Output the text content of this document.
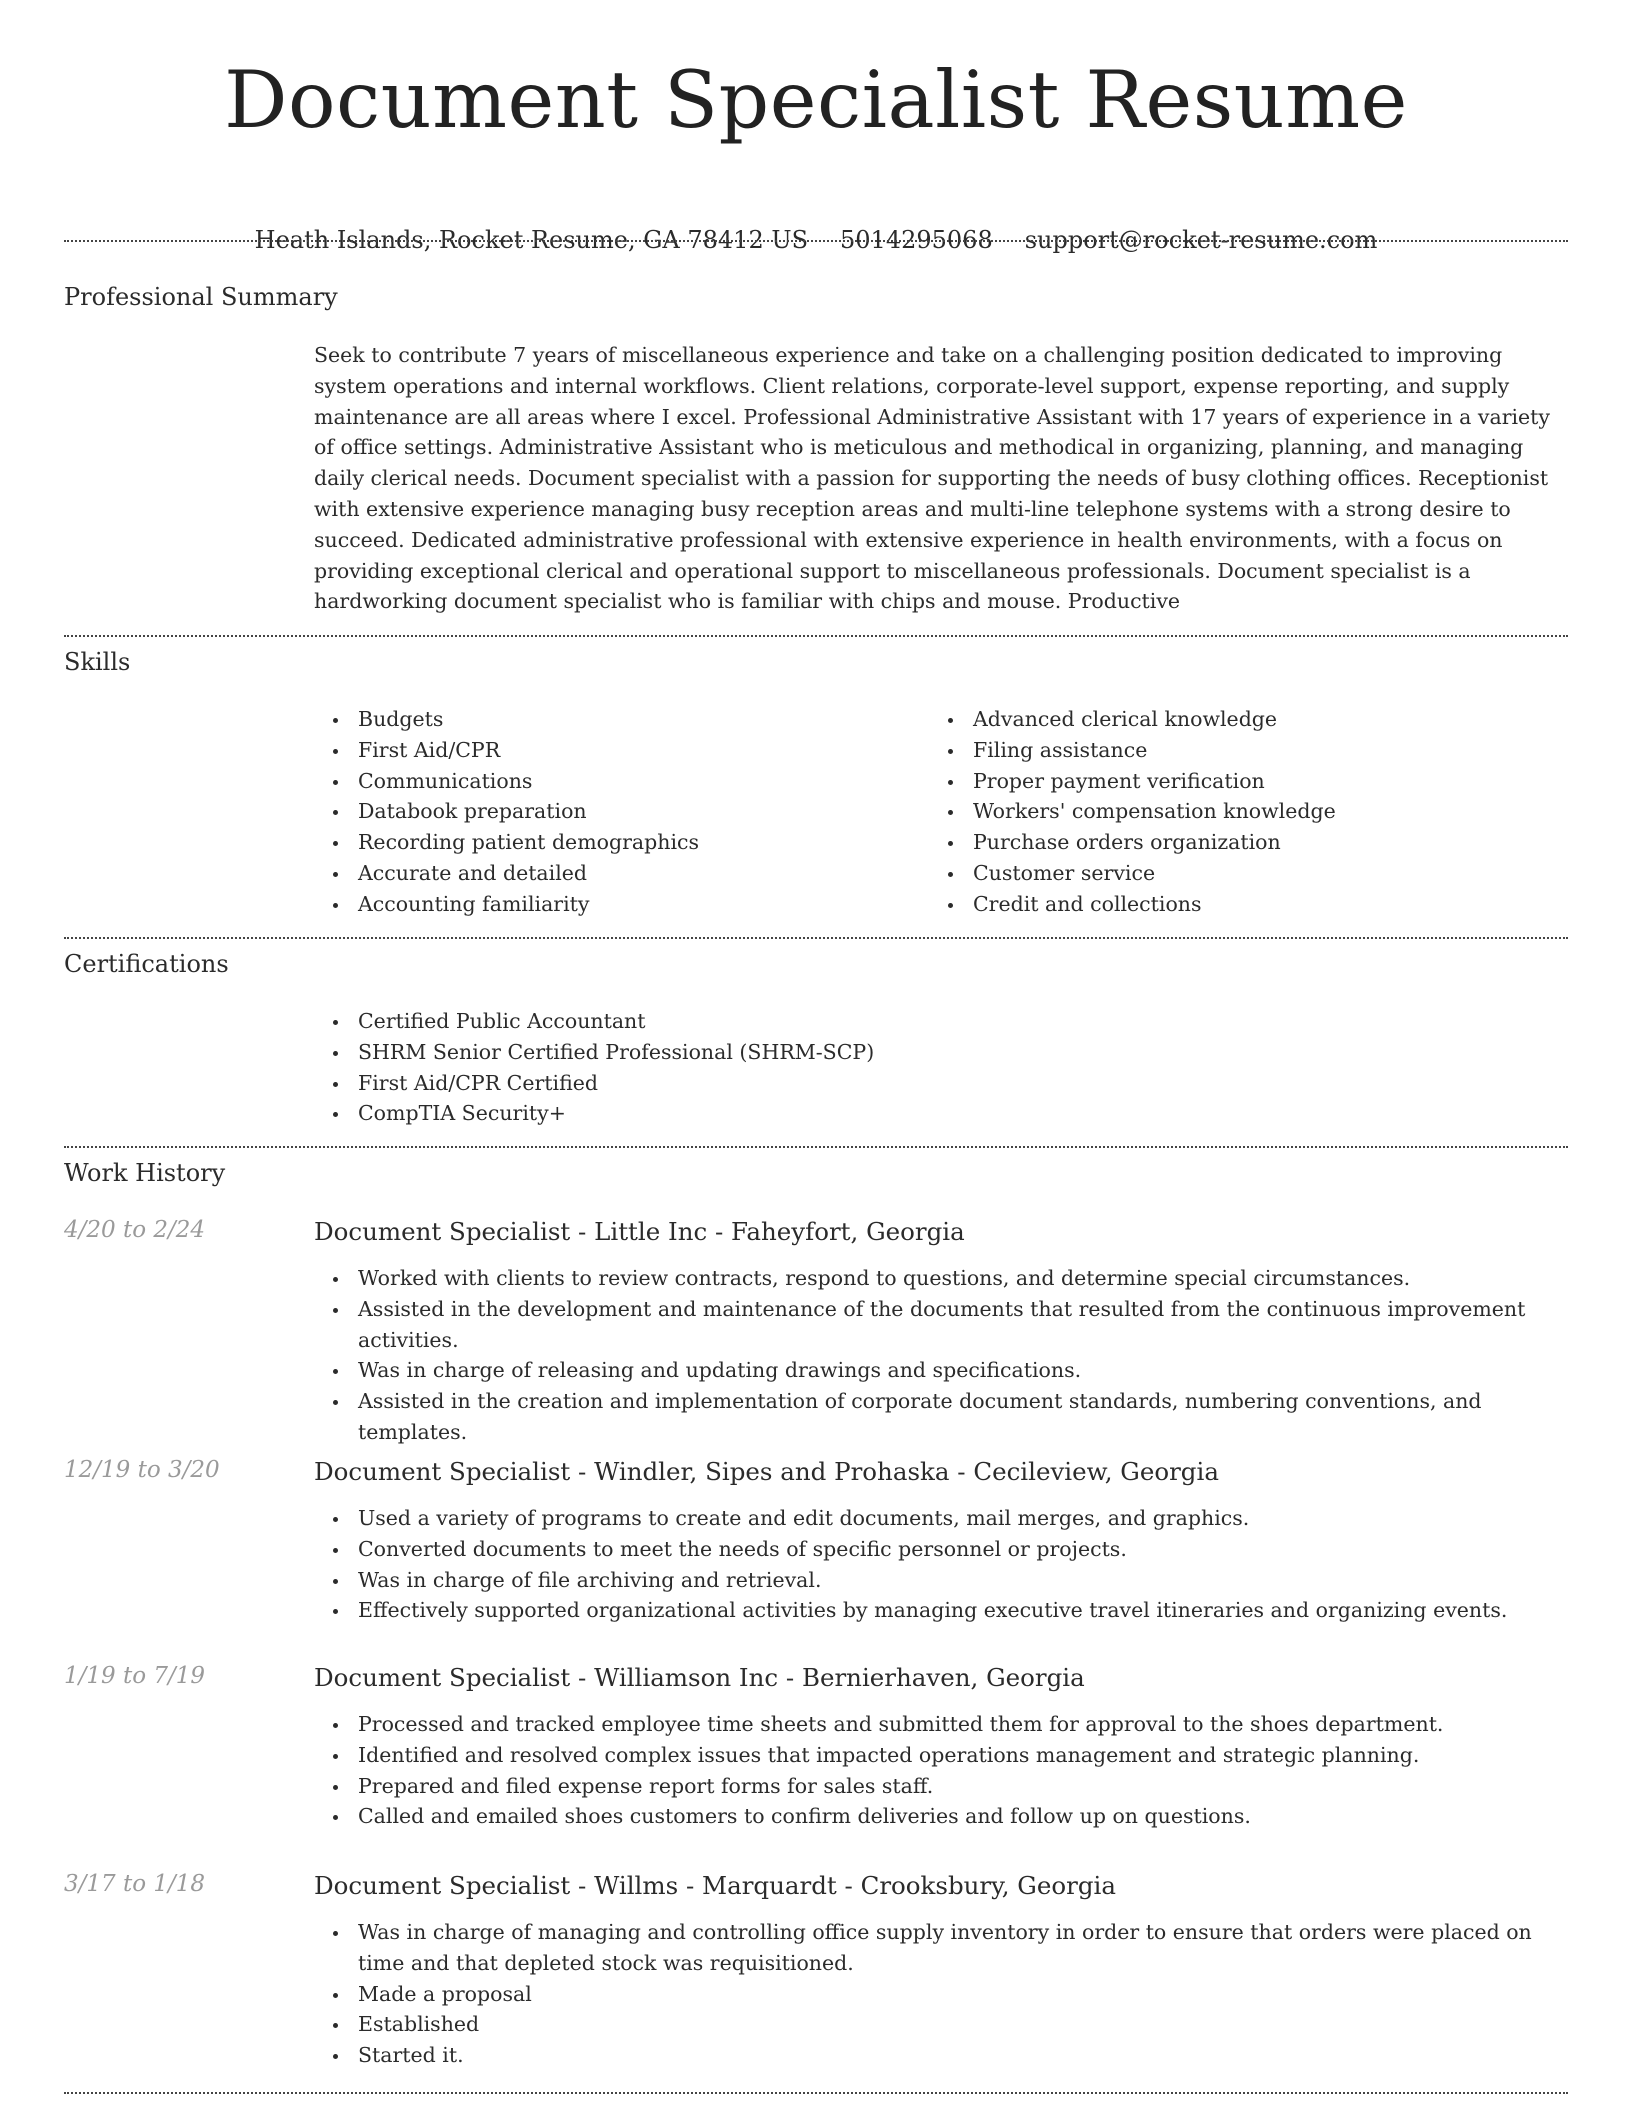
Document Specialist Resume
Heath Islands, Rocket Resume, GA 78412 US 5014295068 support@rocket-resume.com
Professional Summary

Seek to contribute 7 years of miscellaneous experience and take on a challenging position dedicated to improving system operations and internal workflows. Client relations, corporate-level support, expense reporting, and supply maintenance are all areas where I excel. Professional Administrative Assistant with 17 years of experience in a variety of office settings. Administrative Assistant who is meticulous and methodical in organizing, planning, and managing daily clerical needs. Document specialist with a passion for supporting the needs of busy clothing offices. Receptionist with extensive experience managing busy reception areas and multi-line telephone systems with a strong desire to succeed. Dedicated administrative professional with extensive experience in health environments, with a focus on providing exceptional clerical and operational support to miscellaneous professionals. Document specialist is a hardworking document specialist who is familiar with chips and mouse. Productive

Skills
Budgets
First Aid/CPR
Communications
Databook preparation
Recording patient demographics
Accurate and detailed
Accounting familiarity
Advanced clerical knowledge
Filing assistance
Proper payment verification
Workers' compensation knowledge
Purchase orders organization
Customer service
Credit and collections
Certifications
Certified Public Accountant
SHRM Senior Certified Professional (SHRM-SCP)
First Aid/CPR Certified
CompTIA Security+
Work History
4/20 to 2/24	Document Specialist - Little Inc - Faheyfort, Georgia
Worked with clients to review contracts, respond to questions, and determine special circumstances.
Assisted in the development and maintenance of the documents that resulted from the continuous improvement activities.
Was in charge of releasing and updating drawings and specifications.
Assisted in the creation and implementation of corporate document standards, numbering conventions, and templates.
12/19 to 3/20	Document Specialist - Windler, Sipes and Prohaska - Cecileview, Georgia
Used a variety of programs to create and edit documents, mail merges, and graphics.
Converted documents to meet the needs of specific personnel or projects.
Was in charge of file archiving and retrieval.
Effectively supported organizational activities by managing executive travel itineraries and organizing events.
1/19 to 7/19	Document Specialist - Williamson Inc - Bernierhaven, Georgia
Processed and tracked employee time sheets and submitted them for approval to the shoes department.
Identified and resolved complex issues that impacted operations management and strategic planning.
Prepared and filed expense report forms for sales staff.
Called and emailed shoes customers to confirm deliveries and follow up on questions.
3/17 to 1/18	Document Specialist - Willms - Marquardt - Crooksbury, Georgia
Was in charge of managing and controlling office supply inventory in order to ensure that orders were placed on time and that depleted stock was requisitioned.
Made a proposal
Established
Started it.
